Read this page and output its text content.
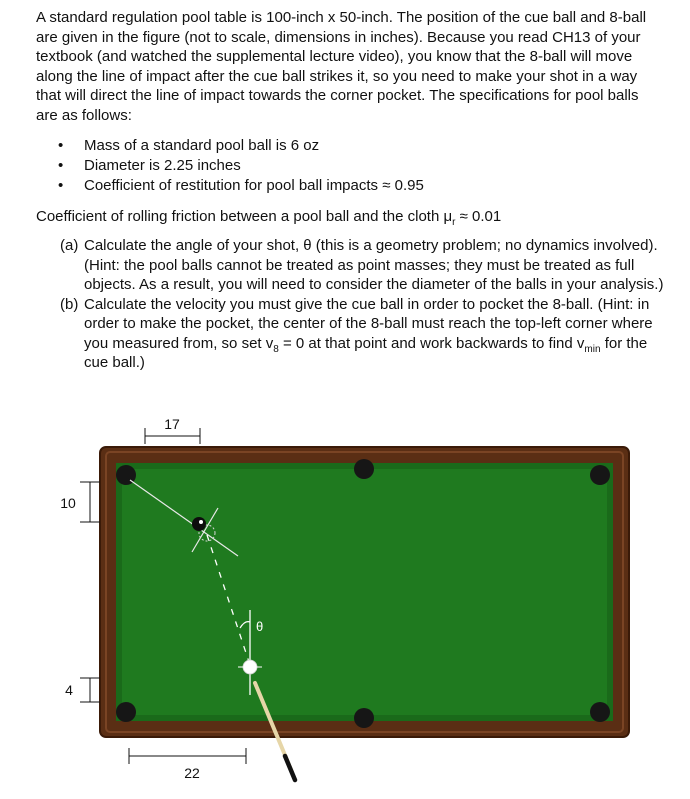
A standard regulation pool table is 100-inch x 50-inch. The position of the cue ball and 8-ball are given in the figure (not to scale, dimensions in inches). Because you read CH13 of your textbook (and watched the supplemental lecture video), you know that the 8-ball will move along the line of impact after the cue ball strikes it, so you need to make your shot in a way that will direct the line of impact towards the corner pocket. The specifications for pool balls are as follows:

• Mass of a standard pool ball is 6 oz
• Diameter is 2.25 inches
• Coefficient of restitution for pool ball impacts ≈ 0.95

Coefficient of rolling friction between a pool ball and the cloth $\mu_r \approx 0.01$

(a) Calculate the angle of your shot, θ (this is a geometry problem; no dynamics involved). (Hint: the pool balls cannot be treated as point masses; they must be treated as full objects. As a result, you will need to consider the diameter of the balls in your analysis.)
(b) Calculate the velocity you must give the cue ball in order to pocket the 8-ball. (Hint: in order to make the pocket, the center of the 8-ball must reach the top-left corner where you measured from, so set $v_8 = 0$ at that point and work backwards to find $v_{min}$ for the cue ball.)
17
10
4
22
θ
